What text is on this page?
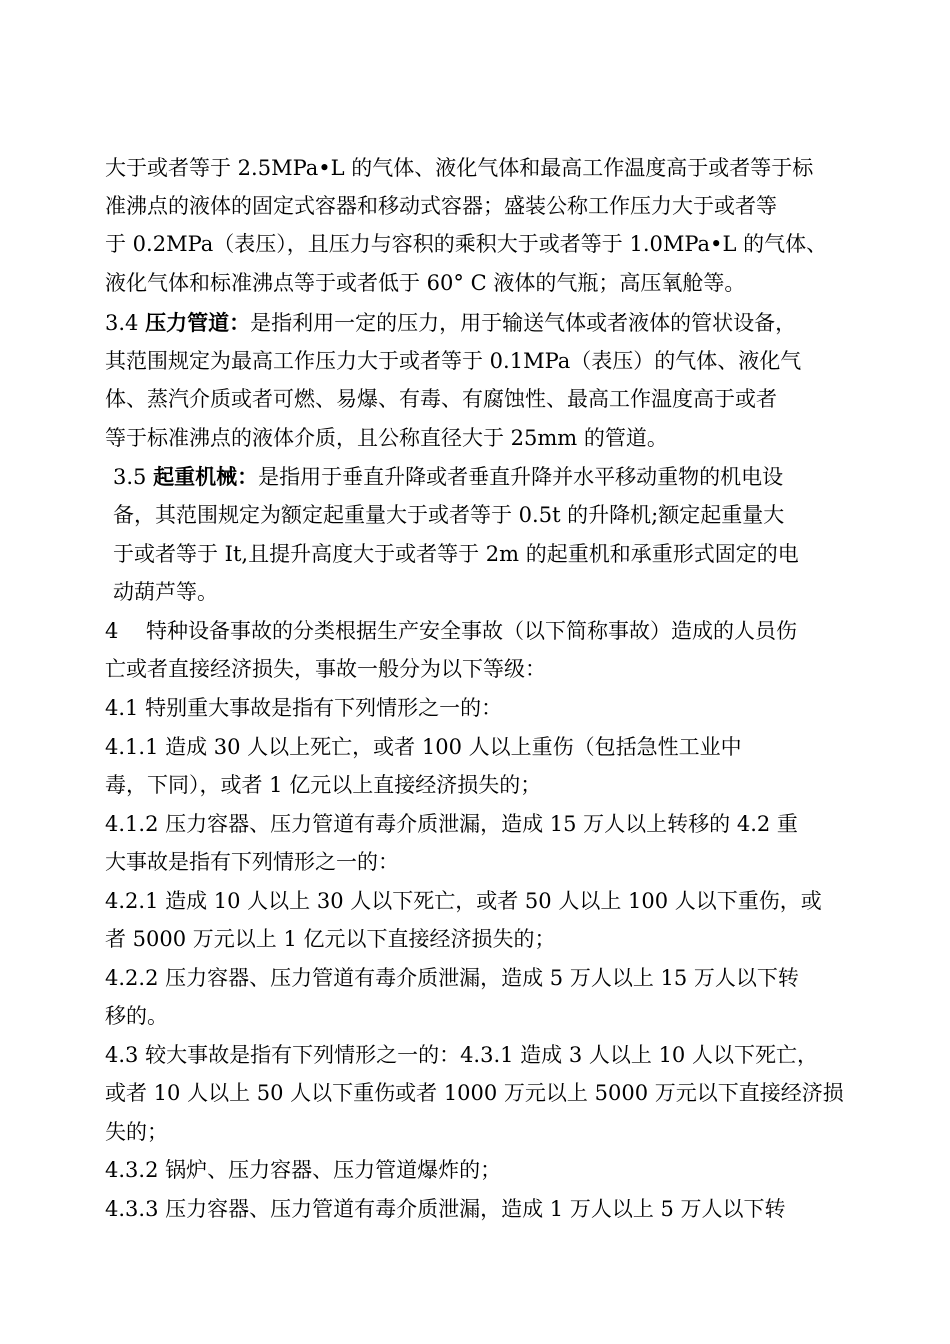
大于或者等于 2.5MPa•L 的气体、液化气体和最高工作温度高于或者等于标
准沸点的液体的固定式容器和移动式容器；盛装公称工作压力大于或者等
于 0.2MPa（表压），且压力与容积的乘积大于或者等于 1.0MPa•L 的气体、
液化气体和标准沸点等于或者低于 60° C 液体的气瓶；高压氧舱等。
3.4 压力管道：是指利用一定的压力，用于输送气体或者液体的管状设备，
其范围规定为最高工作压力大于或者等于 0.1MPa（表压）的气体、液化气
体、蒸汽介质或者可燃、易爆、有毒、有腐蚀性、最高工作温度高于或者
等于标准沸点的液体介质，且公称直径大于 25mm 的管道。
3.5 起重机械：是指用于垂直升降或者垂直升降并水平移动重物的机电设
备，其范围规定为额定起重量大于或者等于 0.5t 的升降机;额定起重量大
于或者等于 It,且提升高度大于或者等于 2m 的起重机和承重形式固定的电
动葫芦等。
4　 特种设备事故的分类根据生产安全事故（以下简称事故）造成的人员伤
亡或者直接经济损失，事故一般分为以下等级：
4.1 特别重大事故是指有下列情形之一的：
4.1.1 造成 30 人以上死亡，或者 100 人以上重伤（包括急性工业中
毒，下同），或者 1 亿元以上直接经济损失的；
4.1.2 压力容器、压力管道有毒介质泄漏，造成 15 万人以上转移的 4.2 重
大事故是指有下列情形之一的：
4.2.1 造成 10 人以上 30 人以下死亡，或者 50 人以上 100 人以下重伤，或
者 5000 万元以上 1 亿元以下直接经济损失的；
4.2.2 压力容器、压力管道有毒介质泄漏，造成 5 万人以上 15 万人以下转
移的。
4.3 较大事故是指有下列情形之一的：4.3.1 造成 3 人以上 10 人以下死亡，
或者 10 人以上 50 人以下重伤或者 1000 万元以上 5000 万元以下直接经济损
失的；
4.3.2 锅炉、压力容器、压力管道爆炸的；
4.3.3 压力容器、压力管道有毒介质泄漏，造成 1 万人以上 5 万人以下转
